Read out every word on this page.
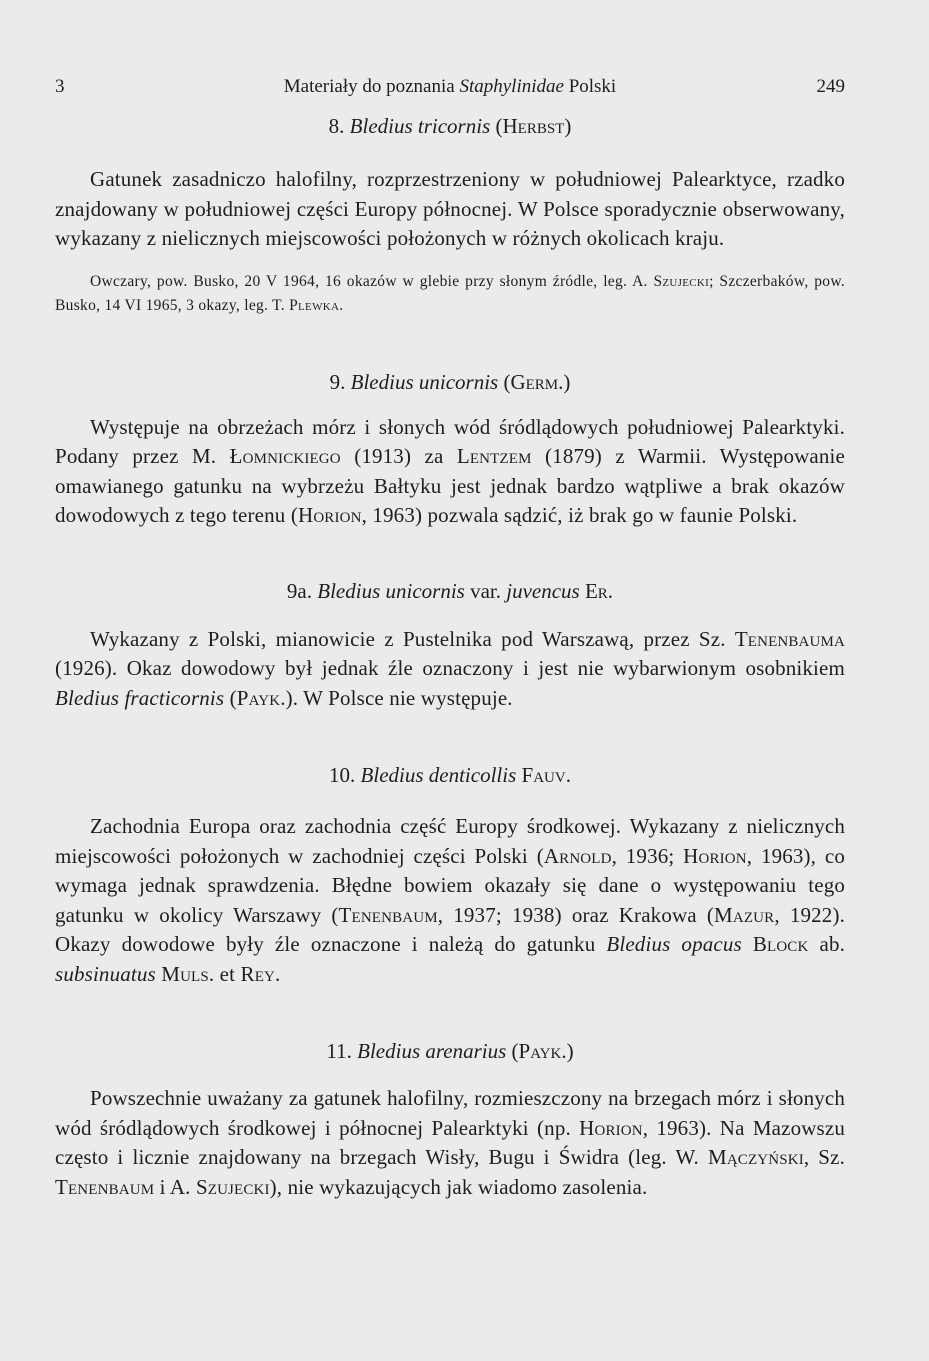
3	Materiały do poznania Staphylinidae Polski	249

8. Bledius tricornis (Herbst)

Gatunek zasadniczo halofilny, rozprzestrzeniony w południowej Palearktyce, rzadko znajdowany w południowej części Europy północnej. W Polsce sporadycznie obserwowany, wykazany z nielicznych miejscowości położonych w różnych okolicach kraju.

Owczary, pow. Busko, 20 V 1964, 16 okazów w glebie przy słonym źródle, leg. A. Szujecki; Szczerbaków, pow. Busko, 14 VI 1965, 3 okazy, leg. T. Plewka.

9. Bledius unicornis (Germ.)

Występuje na obrzeżach mórz i słonych wód śródlądowych południowej Palearktyki. Podany przez M. Łomnickiego (1913) za Lentzem (1879) z Warmii. Występowanie omawianego gatunku na wybrzeżu Bałtyku jest jednak bardzo wątpliwe a brak okazów dowodowych z tego terenu (Horion, 1963) pozwala sądzić, iż brak go w faunie Polski.

9a. Bledius unicornis var. juvencus Er.

Wykazany z Polski, mianowicie z Pustelnika pod Warszawą, przez Sz. Tenenbauma (1926). Okaz dowodowy był jednak źle oznaczony i jest nie wybarwionym osobnikiem Bledius fracticornis (Payk.). W Polsce nie występuje.

10. Bledius denticollis Fauv.

Zachodnia Europa oraz zachodnia część Europy środkowej. Wykazany z nielicznych miejscowości położonych w zachodniej części Polski (Arnold, 1936; Horion, 1963), co wymaga jednak sprawdzenia. Błędne bowiem okazały się dane o występowaniu tego gatunku w okolicy Warszawy (Tenenbaum, 1937; 1938) oraz Krakowa (Mazur, 1922). Okazy dowodowe były źle oznaczone i należą do gatunku Bledius opacus Block ab. subsinuatus Muls. et Rey.

11. Bledius arenarius (Payk.)

Powszechnie uważany za gatunek halofilny, rozmieszczony na brzegach mórz i słonych wód śródlądowych środkowej i północnej Palearktyki (np. Horion, 1963). Na Mazowszu często i licznie znajdowany na brzegach Wisły, Bugu i Świdra (leg. W. Mączyński, Sz. Tenenbaum i A. Szujecki), nie wykazujących jak wiadomo zasolenia.
